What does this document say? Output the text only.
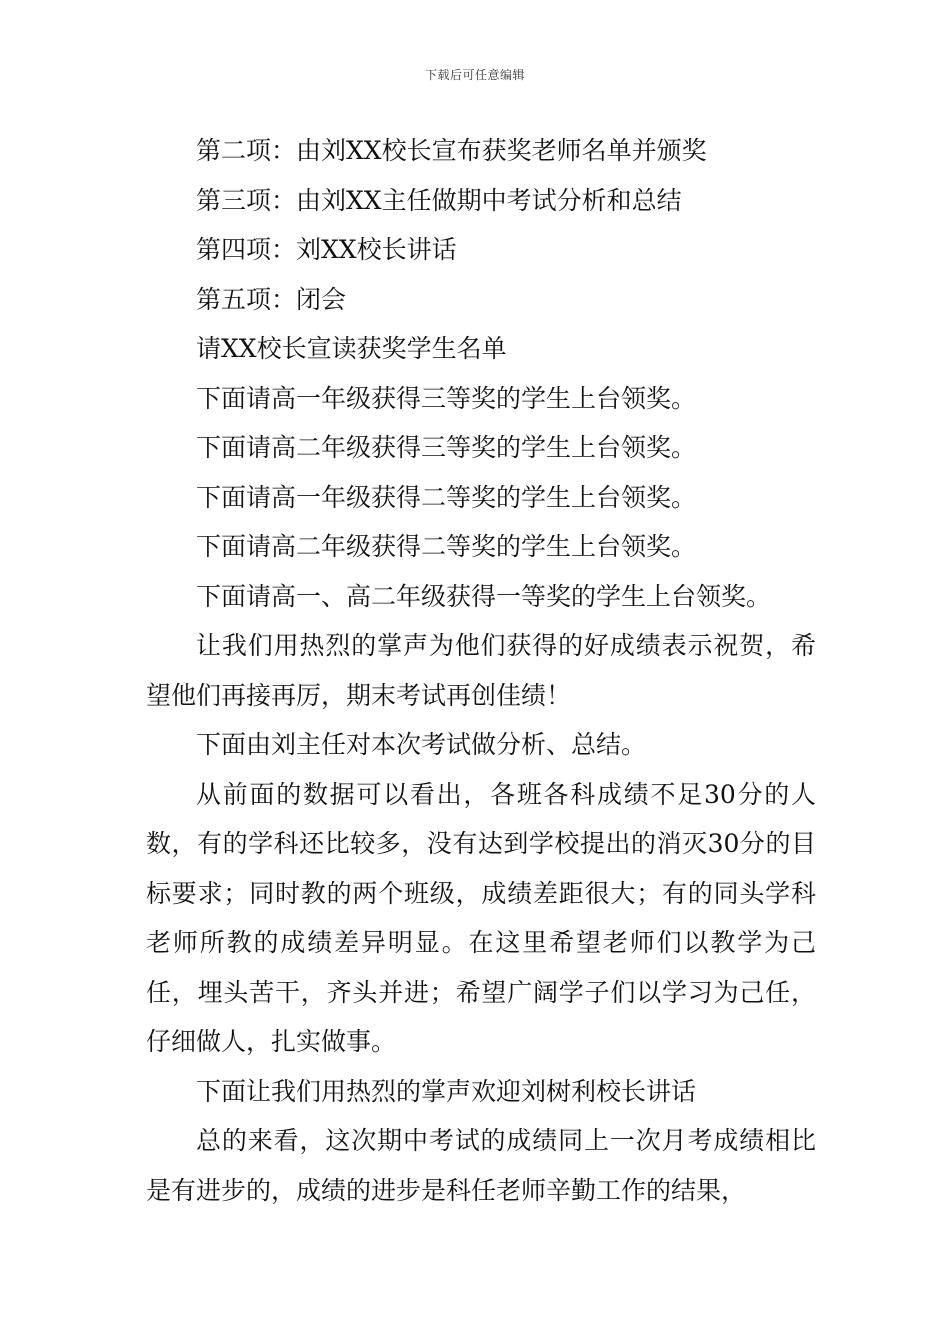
下载后可任意编辑

第二项：由刘XX校长宣布获奖老师名单并颁奖

第三项：由刘XX主任做期中考试分析和总结

第四项：刘XX校长讲话

第五项：闭会

请XX校长宣读获奖学生名单

下面请高一年级获得三等奖的学生上台领奖。

下面请高二年级获得三等奖的学生上台领奖。

下面请高一年级获得二等奖的学生上台领奖。

下面请高二年级获得二等奖的学生上台领奖。

下面请高一、高二年级获得一等奖的学生上台领奖。

让我们用热烈的掌声为他们获得的好成绩表示祝贺，希望他们再接再厉，期末考试再创佳绩！

下面由刘主任对本次考试做分析、总结。

从前面的数据可以看出，各班各科成绩不足30分的人数，有的学科还比较多，没有达到学校提出的消灭30分的目标要求；同时教的两个班级，成绩差距很大；有的同头学科老师所教的成绩差异明显。在这里希望老师们以教学为己任，埋头苦干，齐头并进；希望广阔学子们以学习为己任，仔细做人，扎实做事。

下面让我们用热烈的掌声欢迎刘树利校长讲话

总的来看，这次期中考试的成绩同上一次月考成绩相比是有进步的，成绩的进步是科任老师辛勤工作的结果，
